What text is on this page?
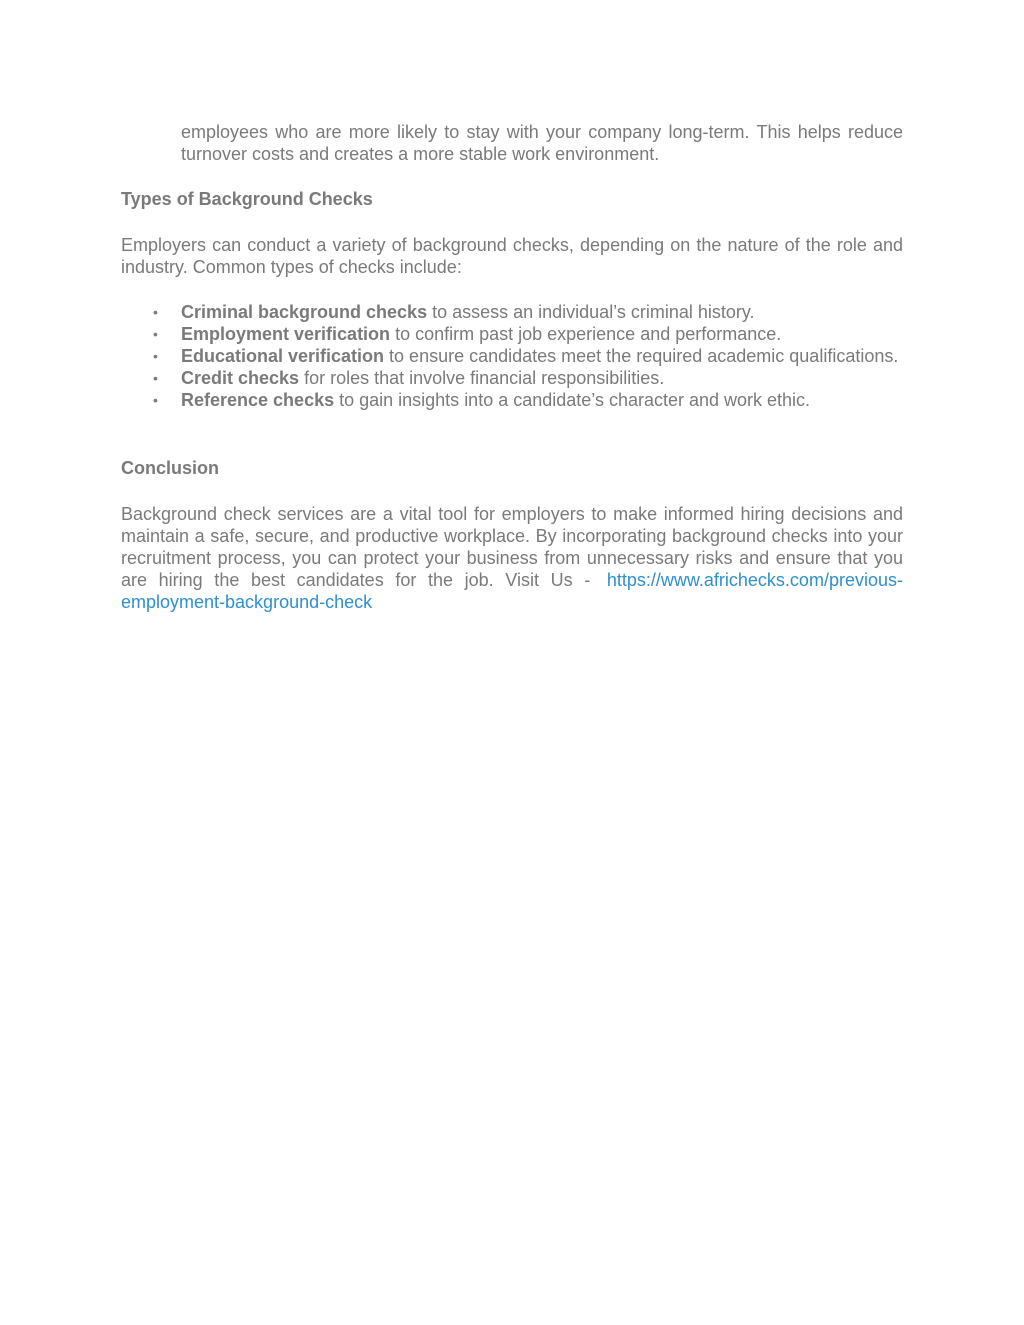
employees who are more likely to stay with your company long-term. This helps reduce turnover costs and creates a more stable work environment.

Types of Background Checks

Employers can conduct a variety of background checks, depending on the nature of the role and industry. Common types of checks include:

• Criminal background checks to assess an individual’s criminal history.
• Employment verification to confirm past job experience and performance.
• Educational verification to ensure candidates meet the required academic qualifications.
• Credit checks for roles that involve financial responsibilities.
• Reference checks to gain insights into a candidate’s character and work ethic.
Conclusion

Background check services are a vital tool for employers to make informed hiring decisions and maintain a safe, secure, and productive workplace. By incorporating background checks into your recruitment process, you can protect your business from unnecessary risks and ensure that you are hiring the best candidates for the job. Visit Us - https://www.africhecks.com/previous-employment-background-check
